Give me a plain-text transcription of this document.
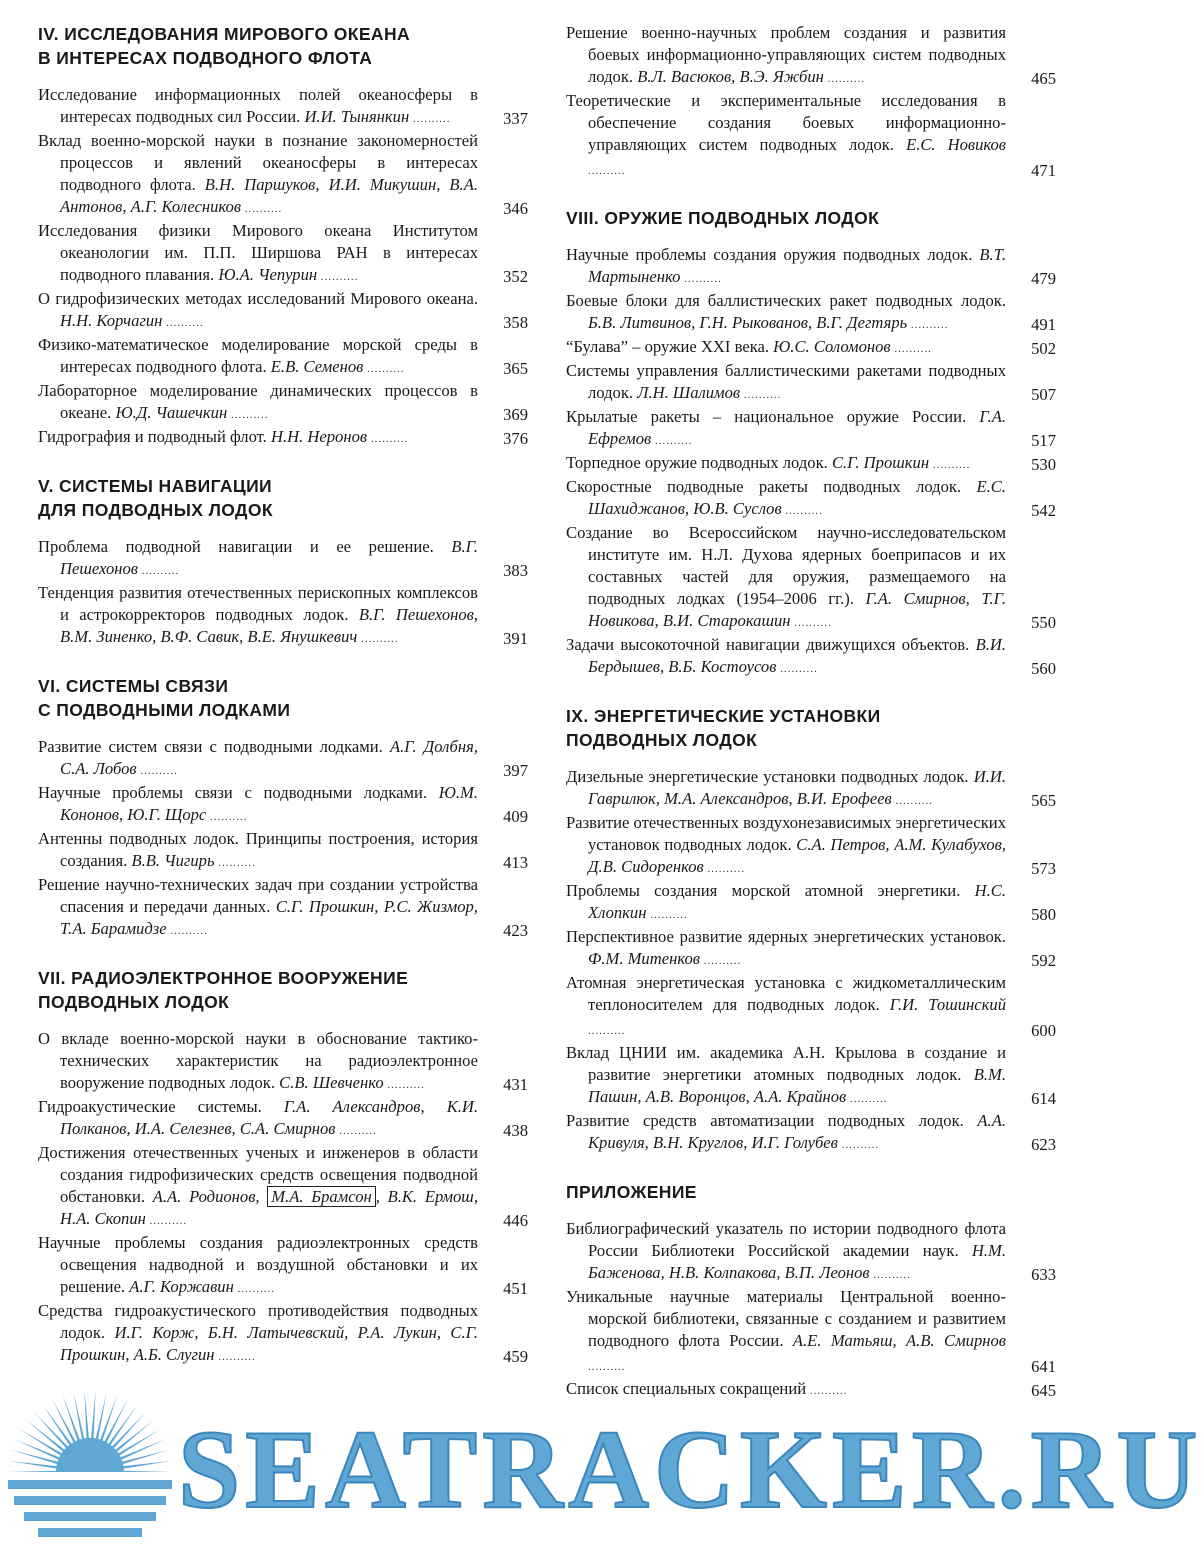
IV. ИССЛЕДОВАНИЯ МИРОВОГО ОКЕАНА
В ИНТЕРЕСАХ ПОДВОДНОГО ФЛОТА

Исследование информационных полей океаносферы в интересах подводных сил России. И.И. Тынянкин ..........	337

Вклад военно-морской науки в познание закономерностей процессов и явлений океаносферы в интересах подводного флота. В.Н. Паршуков, И.И. Микушин, В.А. Антонов, А.Г. Колесников ..........	346

Исследования физики Мирового океана Институтом океанологии им. П.П. Ширшова РАН в интересах подводного плавания. Ю.А. Чепурин ..........	352

О гидрофизических методах исследований Мирового океана. Н.Н. Корчагин ..........	358

Физико-математическое моделирование морской среды в интересах подводного флота. Е.В. Семенов ..........	365

Лабораторное моделирование динамических процессов в океане. Ю.Д. Чашечкин ..........	369

Гидрография и подводный флот. Н.Н. Неронов ..........	376

V. СИСТЕМЫ НАВИГАЦИИ
ДЛЯ ПОДВОДНЫХ ЛОДОК

Проблема подводной навигации и ее решение. В.Г. Пешехонов ..........	383

Тенденция развития отечественных перископных комплексов и астрокорректоров подводных лодок. В.Г. Пешехонов, В.М. Зиненко, В.Ф. Савик, В.Е. Янушкевич ..........	391

VI. СИСТЕМЫ СВЯЗИ
С ПОДВОДНЫМИ ЛОДКАМИ

Развитие систем связи с подводными лодками. А.Г. Долбня, С.А. Лобов ..........	397

Научные проблемы связи с подводными лодками. Ю.М. Кононов, Ю.Г. Щорс ..........	409

Антенны подводных лодок. Принципы построения, история создания. В.В. Чигирь ..........	413

Решение научно-технических задач при создании устройства спасения и передачи данных. С.Г. Прошкин, Р.С. Жизмор, Т.А. Барамидзе ..........	423

VII. РАДИОЭЛЕКТРОННОЕ ВООРУЖЕНИЕ
ПОДВОДНЫХ ЛОДОК

О вкладе военно-морской науки в обоснование тактико-технических характеристик на радиоэлектронное вооружение подводных лодок. С.В. Шевченко ..........	431

Гидроакустические системы. Г.А. Александров, К.И. Полканов, И.А. Селезнев, С.А. Смирнов ..........	438

Достижения отечественных ученых и инженеров в области создания гидрофизических средств освещения подводной обстановки. А.А. Родионов, М.А. Брамсон , В.К. Ермош, Н.А. Скопин ..........	446

Научные проблемы создания радиоэлектронных средств освещения надводной и воздушной обстановки и их решение. А.Г. Коржавин ..........	451

Средства гидроакустического противодействия подводных лодок. И.Г. Корж, Б.Н. Латычевский, Р.А. Лукин, С.Г. Прошкин, А.Б. Слугин ..........	459

Решение военно-научных проблем создания и развития боевых информационно-управляющих систем подводных лодок. В.Л. Васюков, В.Э. Яжбин ..........	465

Теоретические и экспериментальные исследования в обеспечение создания боевых информационно-управляющих систем подводных лодок. Е.С. Новиков ..........	471

VIII. ОРУЖИЕ ПОДВОДНЫХ ЛОДОК

Научные проблемы создания оружия подводных лодок. В.Т. Мартыненко ..........	479

Боевые блоки для баллистических ракет подводных лодок. Б.В. Литвинов, Г.Н. Рыкованов, В.Г. Дегтярь ..........	491

“Булава” – оружие XXI века. Ю.С. Соломонов ..........	502

Системы управления баллистическими ракетами подводных лодок. Л.Н. Шалимов ..........	507

Крылатые ракеты – национальное оружие России. Г.А. Ефремов ..........	517

Торпедное оружие подводных лодок. С.Г. Прошкин ..........	530

Скоростные подводные ракеты подводных лодок. Е.С. Шахиджанов, Ю.В. Суслов ..........	542

Создание во Всероссийском научно-исследовательском институте им. Н.Л. Духова ядерных боеприпасов и их составных частей для оружия, размещаемого на подводных лодках (1954–2006 гг.). Г.А. Смирнов, Т.Г. Новикова, В.И. Старокашин ..........	550

Задачи высокоточной навигации движущихся объектов. В.И. Бердышев, В.Б. Костоусов ..........	560

IX. ЭНЕРГЕТИЧЕСКИЕ УСТАНОВКИ
ПОДВОДНЫХ ЛОДОК

Дизельные энергетические установки подводных лодок. И.И. Гаврилюк, М.А. Александров, В.И. Ерофеев ..........	565

Развитие отечественных воздухонезависимых энергетических установок подводных лодок. С.А. Петров, А.М. Кулабухов, Д.В. Сидоренков ..........	573

Проблемы создания морской атомной энергетики. Н.С. Хлопкин ..........	580

Перспективное развитие ядерных энергетических установок. Ф.М. Митенков ..........	592

Атомная энергетическая установка с жидкометаллическим теплоносителем для подводных лодок. Г.И. Тошинский ..........	600

Вклад ЦНИИ им. академика А.Н. Крылова в создание и развитие энергетики атомных подводных лодок. В.М. Пашин, А.В. Воронцов, А.А. Крайнов ..........	614

Развитие средств автоматизации подводных лодок. А.А. Кривуля, В.Н. Круглов, И.Г. Голубев ..........	623

ПРИЛОЖЕНИЕ

Библиографический указатель по истории подводного флота России Библиотеки Российской академии наук. Н.М. Баженова, Н.В. Колпакова, В.П. Леонов ..........	633

Уникальные научные материалы Центральной военно-морской библиотеки, связанные с созданием и развитием подводного флота России. А.Е. Матьяш, А.В. Смирнов ..........	641

Список специальных сокращений ..........	645

SEATRACKER.RU
